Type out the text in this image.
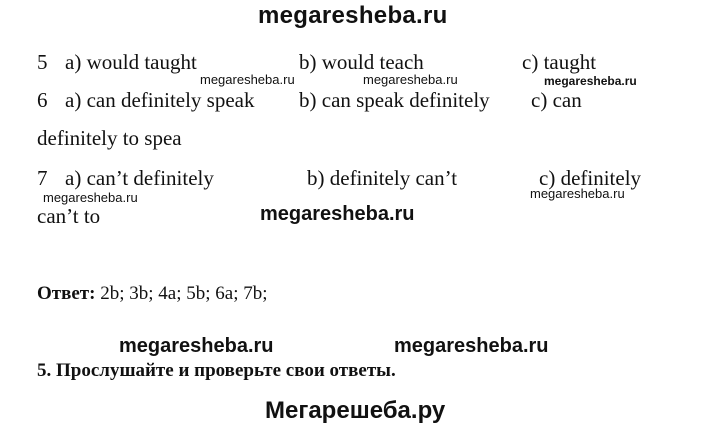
megaresheba.ru
5 a) would taught	b) would teach	c) taught
megaresheba.ru	megaresheba.ru	megaresheba.ru
6 a) can definitely speak b) can speak definitely c) can
definitely to spea
7 a) can’t definitely	b) definitely can’t	c) definitely
megaresheba.ru	megaresheba.ru
can’t to	megaresheba.ru
Ответ: 2b; 3b; 4a; 5b; 6a; 7b;
megaresheba.ru	megaresheba.ru
5. Прослушайте и проверьте свои ответы.
Мегарешеба.ру
